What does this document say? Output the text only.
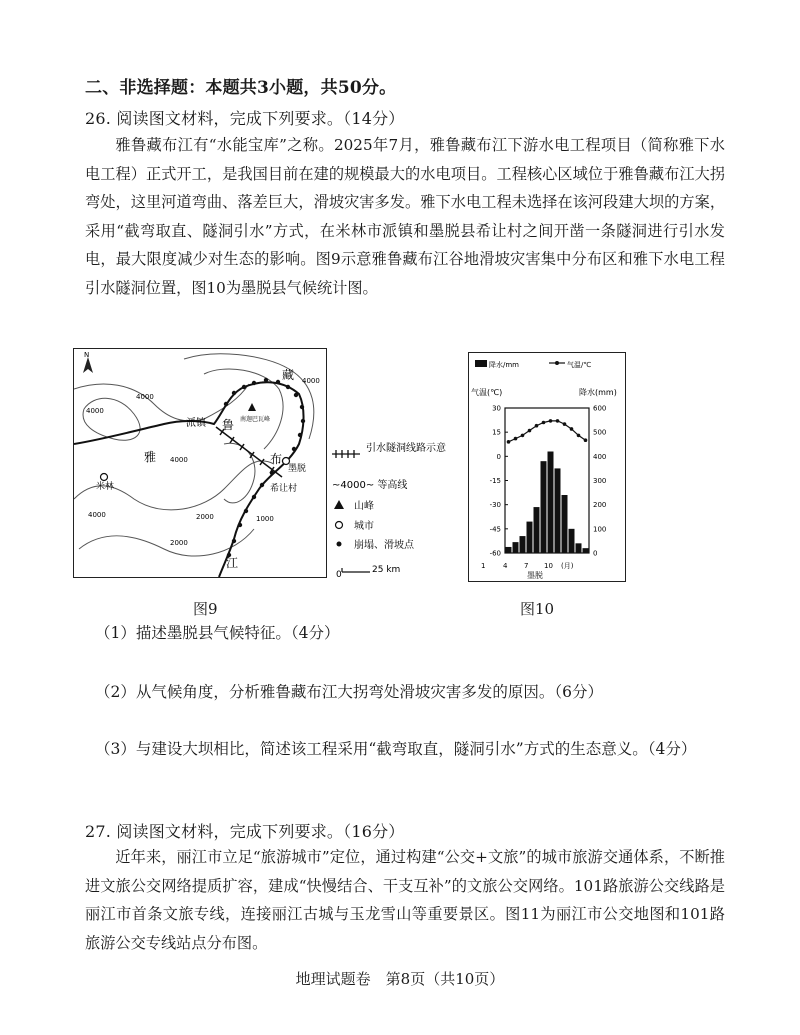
二、非选择题：本题共3小题，共50分。
26. 阅读图文材料，完成下列要求。（14分）

雅鲁藏布江有“水能宝库”之称。2025年7月，雅鲁藏布江下游水电工程项目（简称雅下水电工程）正式开工，是我国目前在建的规模最大的水电项目。工程核心区域位于雅鲁藏布江大拐弯处，这里河道弯曲、落差巨大，滑坡灾害多发。雅下水电工程未选择在该河段建大坝的方案，采用“截弯取直、隧洞引水”方式，在米林市派镇和墨脱县希让村之间开凿一条隧洞进行引水发电，最大限度减少对生态的影响。图9示意雅鲁藏布江谷地滑坡灾害集中分布区和雅下水电工程引水隧洞位置，图10为墨脱县气候统计图。

N
南迦巴瓦峰
米林
墨脱
派镇
希让村
雅
鲁
藏
布
江
4000
4000
4000
4000
4000	2000
2000
1000
引水隧洞线路示意
~4000~ 等高线
山峰
城市
崩塌、滑坡点
0	25 km
降水/mm	气温/℃
气温(℃)	降水(mm)
30
15
0
-15
-30
-45
-60
600
500
400
300
200
100
0
1	4 7 10 (月)
墨脱
图9	图10
（1）描述墨脱县气候特征。（4分）
（2）从气候角度，分析雅鲁藏布江大拐弯处滑坡灾害多发的原因。（6分）
（3）与建设大坝相比，简述该工程采用“截弯取直，隧洞引水”方式的生态意义。（4分）
27. 阅读图文材料，完成下列要求。（16分）

近年来，丽江市立足“旅游城市”定位，通过构建“公交+文旅”的城市旅游交通体系，不断推进文旅公交网络提质扩容，建成“快慢结合、干支互补”的文旅公交网络。101路旅游公交线路是丽江市首条文旅专线，连接丽江古城与玉龙雪山等重要景区。图11为丽江市公交地图和101路旅游公交专线站点分布图。

地理试题卷　第8页（共10页）
